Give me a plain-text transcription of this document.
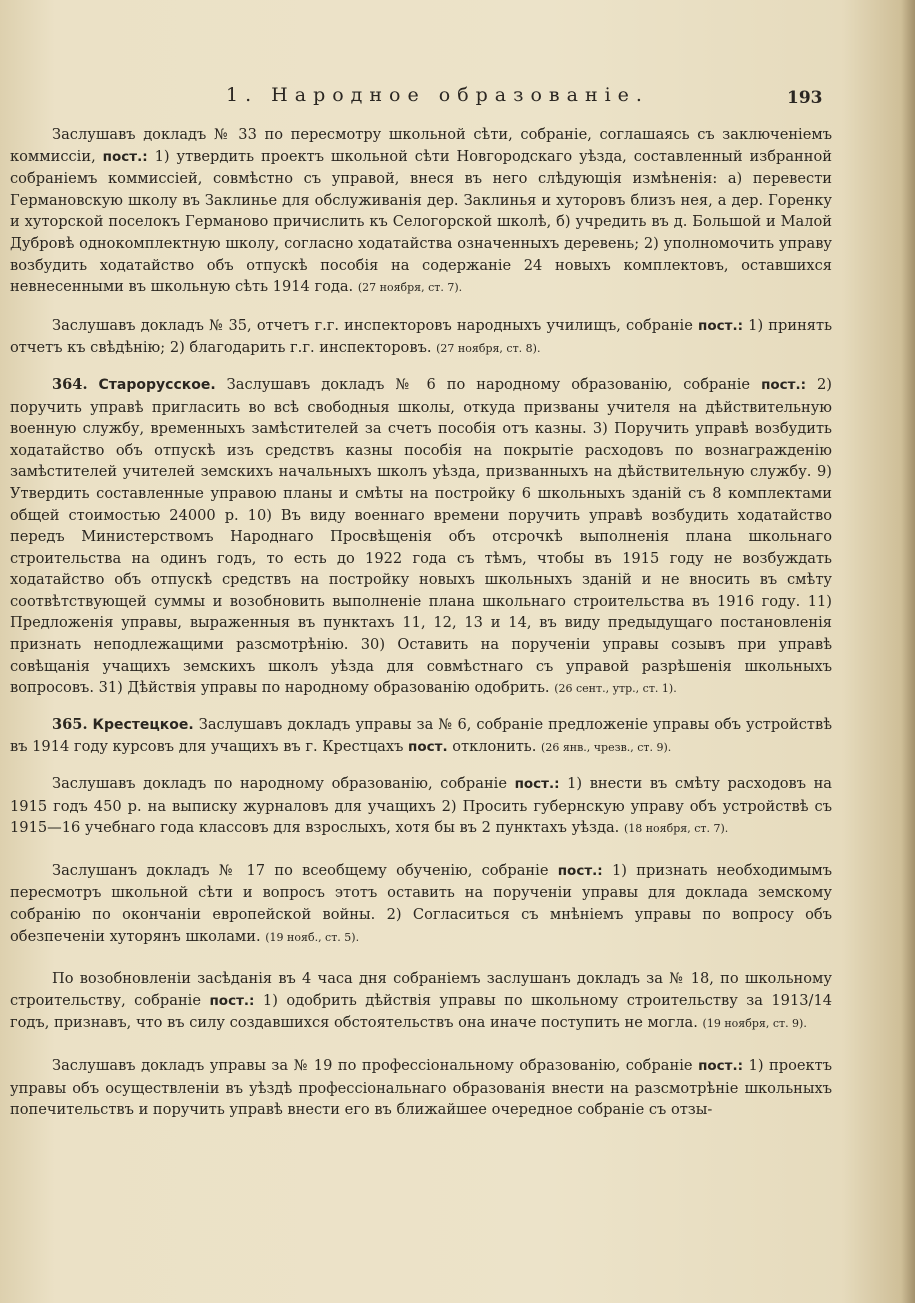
1. Народное образованіе.	193

Заслушавъ докладъ № 33 по пересмотру школьной сѣти, собраніе, соглашаясь съ заключеніемъ коммиссіи, пост.: 1) утвердить проектъ школьной сѣти Новгородскаго уѣзда, составленный избранной собраніемъ коммиссіей, совмѣстно съ управой, внеся въ него слѣдующія измѣненія: а) перевести Гермaновскую школу въ Заклинье для обслуживанія дер. Заклинья и хуторовъ близъ нея, а дер. Горенку и хуторской поселокъ Германово причислить къ Селогорской школѣ, б) учредить въ д. Большой и Малой Дубровѣ однокомплектную школу, согласно ходатайства означенныхъ деревень; 2) уполномочить управу возбудить ходатайство объ отпускѣ пособія на содержаніе 24 новыхъ комплектовъ, оставшихся невнесенными въ школьную сѣть 1914 года. (27 ноября, ст. 7).

Заслушавъ докладъ № 35, отчетъ г.г. инспекторовъ народныхъ училищъ, собраніе пост.: 1) принять отчетъ къ свѣдѣнію; 2) благодарить г.г. инспекторовъ. (27 ноября, ст. 8).

364. Старорусское. Заслушавъ докладъ № 6 по народному образованію, собраніе пост.: 2) поручить управѣ пригласить во всѣ свободныя школы, откуда призваны учителя на дѣйствительную военную службу, временныхъ замѣстителей за счетъ пособія отъ казны. 3) Поручить управѣ возбудить ходатайство объ отпускѣ изъ средствъ казны пособія на покрытіе расходовъ по вознагражденію замѣстителей учителей земскихъ начальныхъ школъ уѣзда, призванныхъ на дѣйствительную службу. 9) Утвердить составленные управою планы и смѣты на постройку 6 школьныхъ зданій съ 8 комплектами общей стоимостью 24000 р. 10) Въ виду военнаго времени поручить управѣ возбудить ходатайство передъ Министерствомъ Народнаго Просвѣщенія объ отсрочкѣ выполненія плана школьнаго строительства на одинъ годъ, то есть до 1922 года съ тѣмъ, чтобы въ 1915 году не возбуждать ходатайство объ отпускѣ средствъ на постройку новыхъ школьныхъ зданій и не вносить въ смѣту соотвѣтствующей суммы и возобновить выполненіе плана школьнаго строительства въ 1916 году. 11) Предложенія управы, выраженныя въ пунктахъ 11, 12, 13 и 14, въ виду предыдущаго постановленія признать неподлежащими разсмотрѣнію. 30) Оставить на порученіи управы созывъ при управѣ совѣщанія учащихъ земскихъ школъ уѣзда для совмѣстнаго съ управой разрѣшенія школьныхъ вопросовъ. 31) Дѣйствія управы по народному образованію одобрить. (26 сент., утр., ст. 1).

365. Крестецкое. Заслушавъ докладъ управы за № 6, собраніе предложеніе управы объ устройствѣ въ 1914 году курсовъ для учащихъ въ г. Крестцахъ пост. отклонить. (26 янв., чрезв., ст. 9).

Заслушавъ докладъ по народному образованію, собраніе пост.: 1) внести въ смѣту расходовъ на 1915 годъ 450 р. на выписку журналовъ для учащихъ 2) Просить губернскую управу объ устройствѣ съ 1915—16 учебнаго года классовъ для взрослыхъ, хотя бы въ 2 пунктахъ уѣзда. (18 ноября, ст. 7).

Заслушанъ докладъ № 17 по всеобщему обученію, собраніе пост.: 1) признать необходимымъ пересмотръ школьной сѣти и вопросъ этотъ оставить на порученіи управы для доклада земскому собранію по окончаніи европейской войны. 2) Согласиться съ мнѣніемъ управы по вопросу объ обезпеченіи хуторянъ школами. (19 нояб., ст. 5).

По возобновленіи засѣданія въ 4 часа дня собраніемъ заслушанъ докладъ за № 18, по школьному строительству, собраніе пост.: 1) одобрить дѣйствія управы по школьному строительству за 1913/14 годъ, признавъ, что въ силу создавшихся обстоятельствъ она иначе поступить не могла. (19 ноября, ст. 9).

Заслушавъ докладъ управы за № 19 по профессіональному образованію, собраніе пост.: 1) проектъ управы объ осуществленіи въ уѣздѣ профессіональнаго образованія внести на разсмотрѣніе школьныхъ попечительствъ и поручить управѣ внести его въ ближайшее очередное собраніе съ отзы-
